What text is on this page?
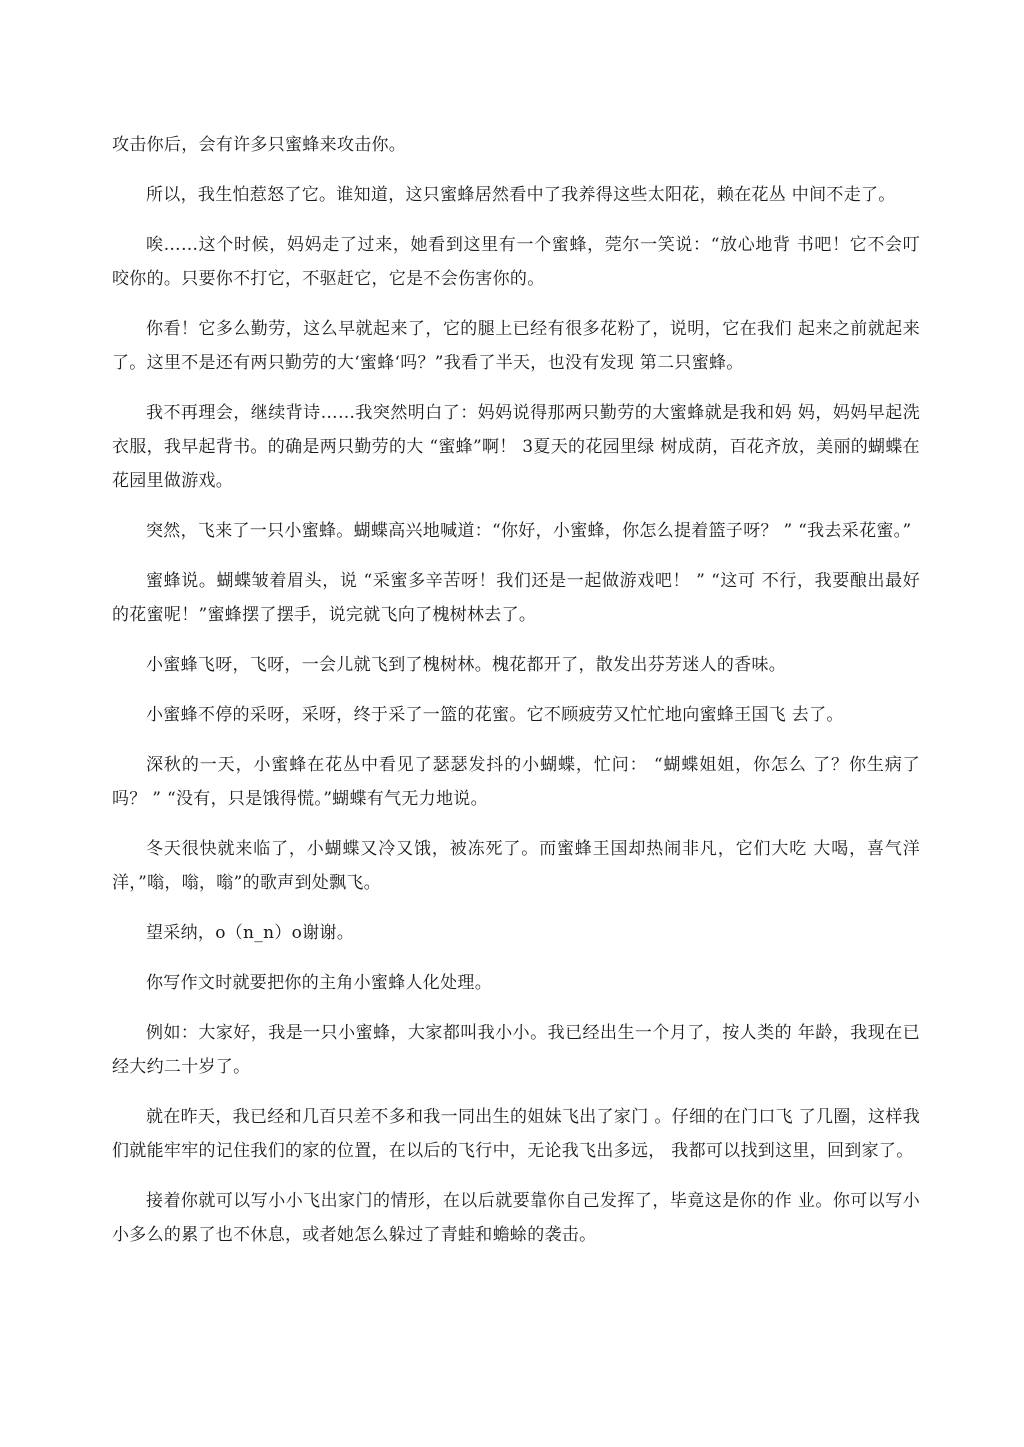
攻击你后，会有许多只蜜蜂来攻击你。

所以，我生怕惹怒了它。谁知道，这只蜜蜂居然看中了我养得这些太阳花，赖在花丛 中间不走了。

唉……这个时候，妈妈走了过来，她看到这里有一个蜜蜂，莞尔一笑说：“放心地背 书吧！它不会叮咬你的。只要你不打它，不驱赶它，它是不会伤害你的。

你看！它多么勤劳，这么早就起来了，它的腿上已经有很多花粉了，说明，它在我们 起来之前就起来了。这里不是还有两只勤劳的大‘蜜蜂‘吗？”我看了半天，也没有发现 第二只蜜蜂。

我不再理会，继续背诗……我突然明白了：妈妈说得那两只勤劳的大蜜蜂就是我和妈 妈，妈妈早起洗衣服，我早起背书。的确是两只勤劳的大 “蜜蜂”啊！ 3夏天的花园里绿 树成荫，百花齐放，美丽的蝴蝶在花园里做游戏。

突然，飞来了一只小蜜蜂。蝴蝶高兴地喊道：“你好，小蜜蜂，你怎么提着篮子呀？ ” “我去采花蜜。”

蜜蜂说。蝴蝶皱着眉头，说 “采蜜多辛苦呀！我们还是一起做游戏吧！ ” “这可 不行，我要酿出最好的花蜜呢！”蜜蜂摆了摆手，说完就飞向了槐树林去了。

小蜜蜂飞呀，飞呀，一会儿就飞到了槐树林。槐花都开了，散发出芬芳迷人的香味。

小蜜蜂不停的采呀，采呀，终于采了一篮的花蜜。它不顾疲劳又忙忙地向蜜蜂王国飞 去了。

深秋的一天，小蜜蜂在花丛中看见了瑟瑟发抖的小蝴蝶，忙问： “蝴蝶姐姐，你怎么 了？你生病了吗？ ” “没有，只是饿得慌。”蝴蝶有气无力地说。

冬天很快就来临了，小蝴蝶又冷又饿，被冻死了。而蜜蜂王国却热闹非凡，它们大吃 大喝，喜气洋洋，”嗡，嗡，嗡”的歌声到处飘飞。

望采纳，o（n_n）o谢谢。

你写作文时就要把你的主角小蜜蜂人化处理。

例如：大家好，我是一只小蜜蜂，大家都叫我小小。我已经出生一个月了，按人类的 年龄，我现在已经大约二十岁了。

就在昨天，我已经和几百只差不多和我一同出生的姐妹飞出了家门 。仔细的在门口飞 了几圈，这样我们就能牢牢的记住我们的家的位置，在以后的飞行中，无论我飞出多远， 我都可以找到这里，回到家了。

接着你就可以写小小飞出家门的情形，在以后就要靠你自己发挥了，毕竟这是你的作 业。你可以写小小多么的累了也不休息，或者她怎么躲过了青蛙和蟾蜍的袭击。
